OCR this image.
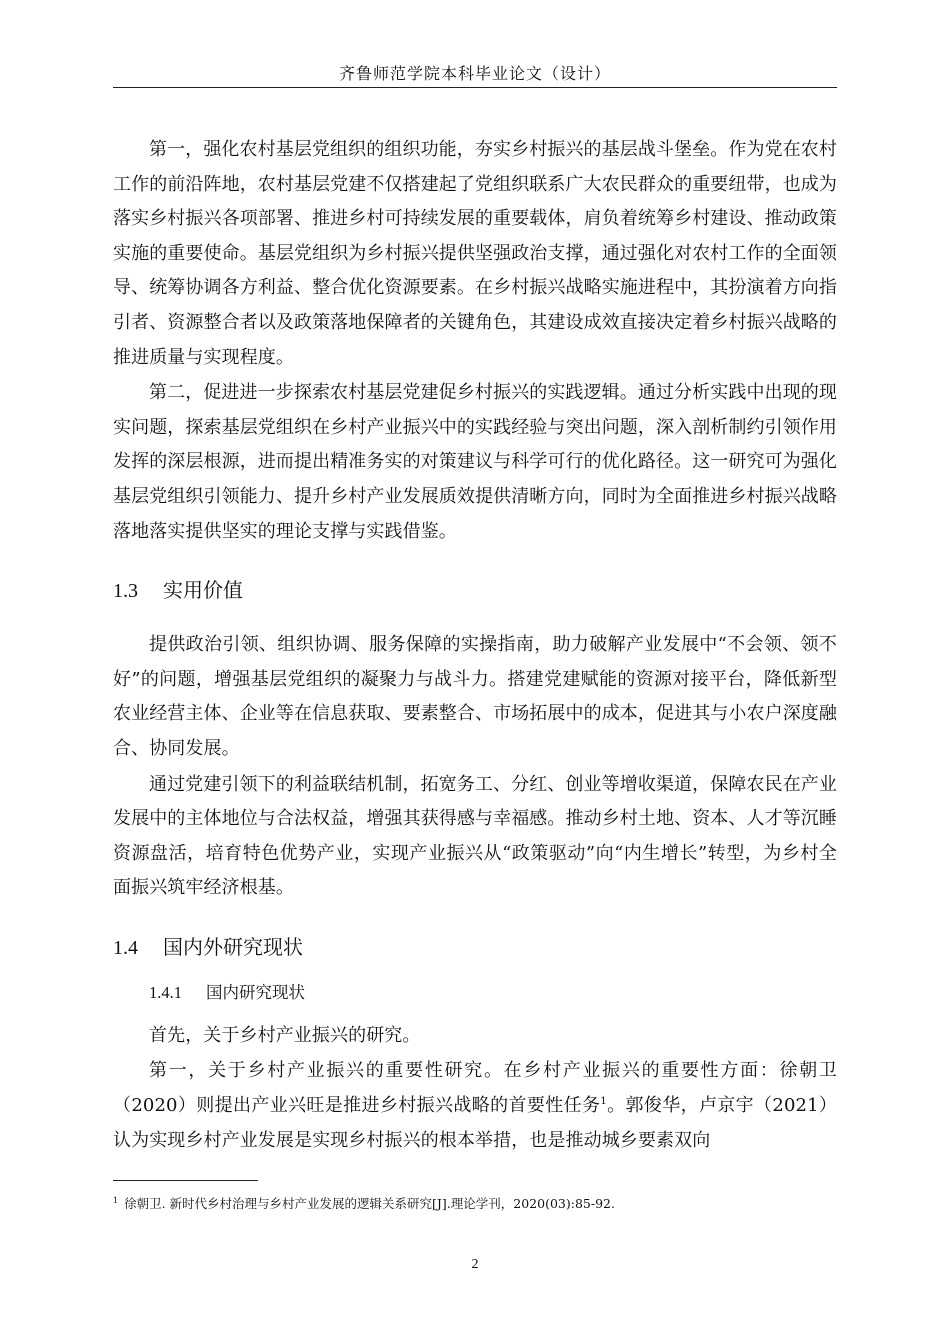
齐鲁师范学院本科毕业论文（设计）

第一，强化农村基层党组织的组织功能，夯实乡村振兴的基层战斗堡垒。作为党在农村工作的前沿阵地，农村基层党建不仅搭建起了党组织联系广大农民群众的重要纽带，也成为落实乡村振兴各项部署、推进乡村可持续发展的重要载体，肩负着统筹乡村建设、推动政策实施的重要使命。基层党组织为乡村振兴提供坚强政治支撑，通过强化对农村工作的全面领导、统筹协调各方利益、整合优化资源要素。在乡村振兴战略实施进程中，其扮演着方向指引者、资源整合者以及政策落地保障者的关键角色，其建设成效直接决定着乡村振兴战略的推进质量与实现程度。

第二，促进进一步探索农村基层党建促乡村振兴的实践逻辑。通过分析实践中出现的现实问题，探索基层党组织在乡村产业振兴中的实践经验与突出问题，深入剖析制约引领作用发挥的深层根源，进而提出精准务实的对策建议与科学可行的优化路径。这一研究可为强化基层党组织引领能力、提升乡村产业发展质效提供清晰方向，同时为全面推进乡村振兴战略落地落实提供坚实的理论支撑与实践借鉴。

1.3 实用价值

提供政治引领、组织协调、服务保障的实操指南，助力破解产业发展中“不会领、领不好”的问题，增强基层党组织的凝聚力与战斗力。搭建党建赋能的资源对接平台，降低新型农业经营主体、企业等在信息获取、要素整合、市场拓展中的成本，促进其与小农户深度融合、协同发展。

通过党建引领下的利益联结机制，拓宽务工、分红、创业等增收渠道，保障农民在产业发展中的主体地位与合法权益，增强其获得感与幸福感。推动乡村土地、资本、人才等沉睡资源盘活，培育特色优势产业，实现产业振兴从“政策驱动”向“内生增长”转型，为乡村全面振兴筑牢经济根基。

1.4 国内外研究现状
1.4.1 国内研究现状

首先，关于乡村产业振兴的研究。

第一，关于乡村产业振兴的重要性研究。在乡村产业振兴的重要性方面：徐朝卫（2020）则提出产业兴旺是推进乡村振兴战略的首要性任务$^1$。郭俊华，卢京宇（2021）认为实现乡村产业发展是实现乡村振兴的根本举措，也是推动城乡要素双向

$^1$ 徐朝卫. 新时代乡村治理与乡村产业发展的逻辑关系研究[J].理论学刊，2020(03):85-92.
2
